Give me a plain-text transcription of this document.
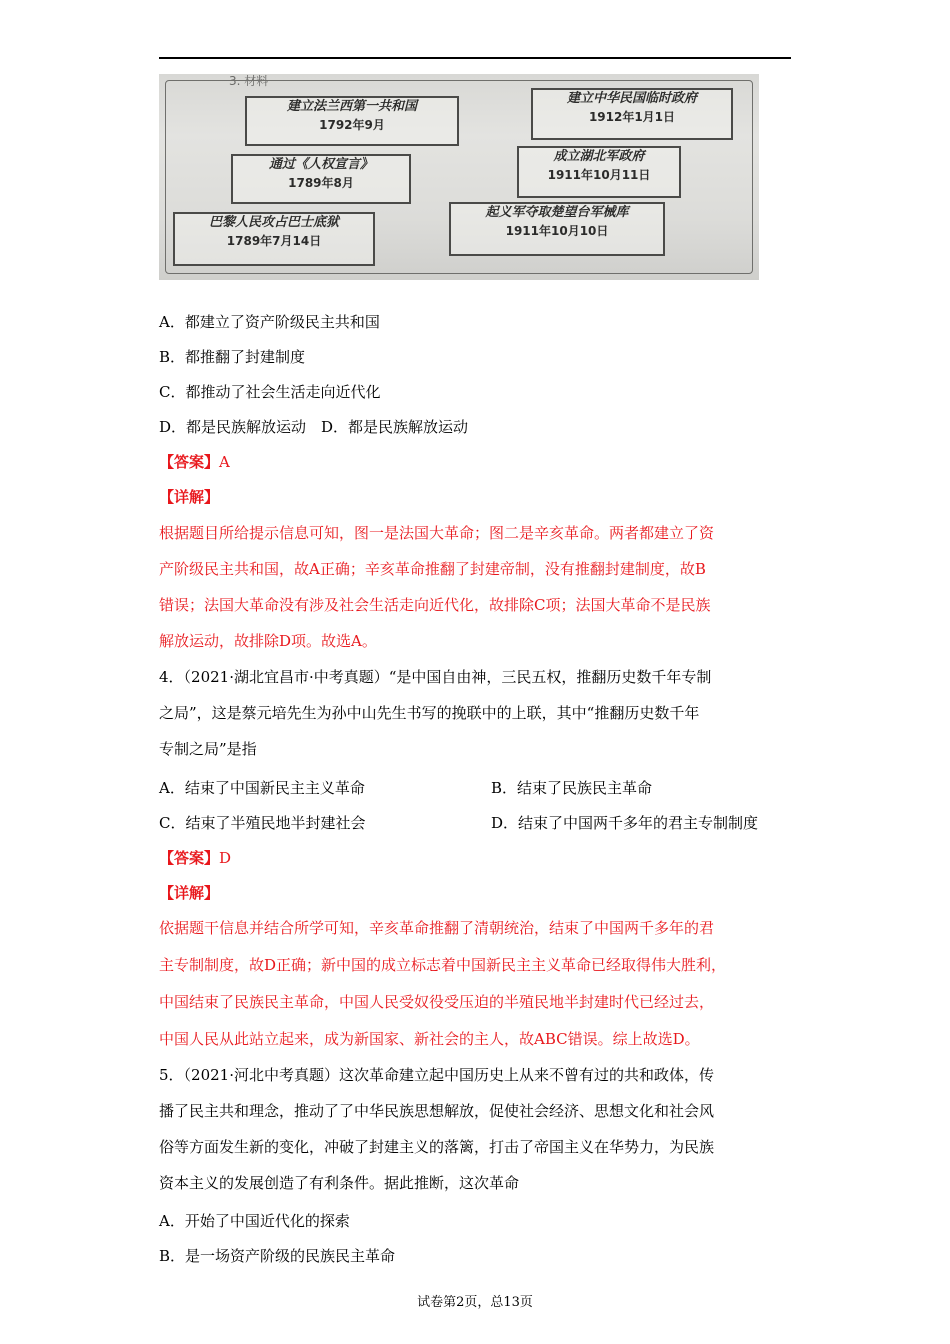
3. 材料
建立法兰西第一共和国
1792年9月
通过《人权宣言》
1789年8月
巴黎人民攻占巴士底狱
1789年7月14日
建立中华民国临时政府
1912年1月1日
成立湖北军政府
1911年10月11日
起义军夺取楚望台军械库
1911年10月10日
A．都建立了资产阶级民主共和国
B．都推翻了封建制度
C．都推动了社会生活走向近代化
D．都是民族解放运动　D．都是民族解放运动
【答案】A
【详解】
根据题目所给提示信息可知，图一是法国大革命；图二是辛亥革命。两者都建立了资
产阶级民主共和国，故A正确；辛亥革命推翻了封建帝制，没有推翻封建制度，故B
错误；法国大革命没有涉及社会生活走向近代化，故排除C项；法国大革命不是民族
解放运动，故排除D项。故选A。
4．（2021·湖北宜昌市·中考真题）“是中国自由神，三民五权，推翻历史数千年专制
之局”，这是蔡元培先生为孙中山先生书写的挽联中的上联，其中“推翻历史数千年
专制之局”是指
A．结束了中国新民主主义革命	B．结束了民族民主革命
C．结束了半殖民地半封建社会	D．结束了中国两千多年的君主专制制度
【答案】D
【详解】
依据题干信息并结合所学可知，辛亥革命推翻了清朝统治，结束了中国两千多年的君
主专制制度，故D正确；新中国的成立标志着中国新民主主义革命已经取得伟大胜利，
中国结束了民族民主革命，中国人民受奴役受压迫的半殖民地半封建时代已经过去，
中国人民从此站立起来，成为新国家、新社会的主人，故ABC错误。综上故选D。
5．（2021·河北中考真题）这次革命建立起中国历史上从来不曾有过的共和政体，传
播了民主共和理念，推动了了中华民族思想解放，促使社会经济、思想文化和社会风
俗等方面发生新的变化，冲破了封建主义的落篱，打击了帝国主义在华势力，为民族
资本主义的发展创造了有利条件。据此推断，这次革命
A．开始了中国近代化的探索
B．是一场资产阶级的民族民主革命
试卷第2页，总13页
